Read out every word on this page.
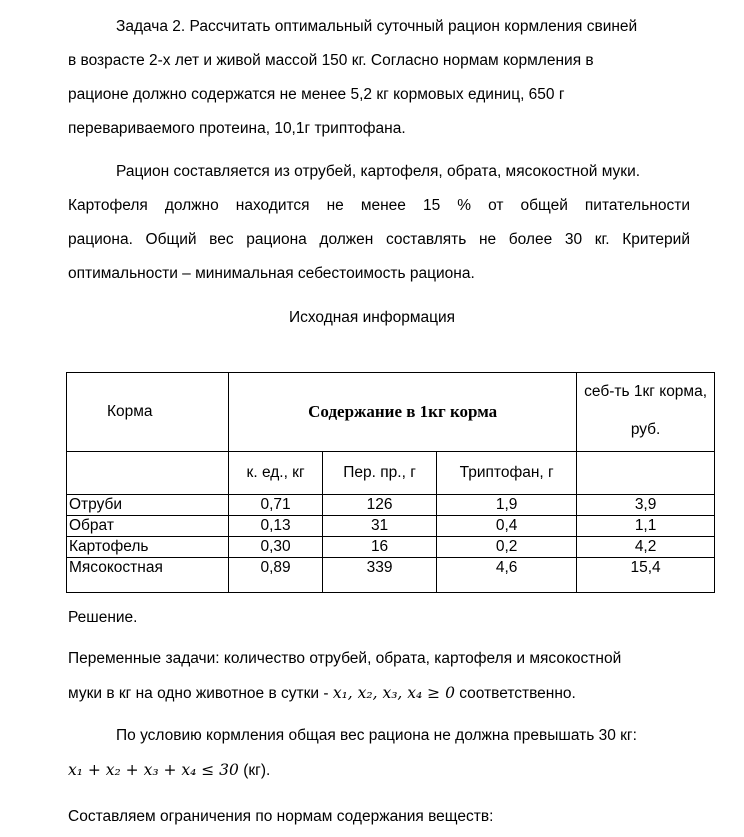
Задача 2. Рассчитать оптимальный суточный рацион кормления свиней
в возрасте 2-х лет и живой массой 150 кг. Согласно нормам кормления в
рационе должно содержатся не менее 5,2 кг кормовых единиц, 650 г
перевариваемого протеина, 10,1г триптофана.
Рацион составляется из отрубей, картофеля, обрата, мясокостной муки.
Картофеля должно находится не менее 15 % от общей питательности
рациона. Общий вес рациона должен составлять не более 30 кг. Критерий
оптимальности – минимальная себестоимость рациона.
Исходная информация
Корма	Содержание в 1кг корма			себ-ть 1кг корма,
руб.

	к. ед., кг	Пер. пр., г	Триптофан, г	
Отруби	0,71	126	1,9	3,9
Обрат	0,13	31	0,4	1,1
Картофель	0,30	16	0,2	4,2
Мясокостная	0,89	339	4,6	15,4
Решение.
Переменные задачи: количество отрубей, обрата, картофеля и мясокостной
муки в кг на одно животное в сутки - x₁, x₂, x₃, x₄ ≥ 0 соответственно.
По условию кормления общая вес рациона не должна превышать 30 кг:
x₁ + x₂ + x₃ + x₄ ≤ 30 (кг).
Составляем ограничения по нормам содержания веществ:
